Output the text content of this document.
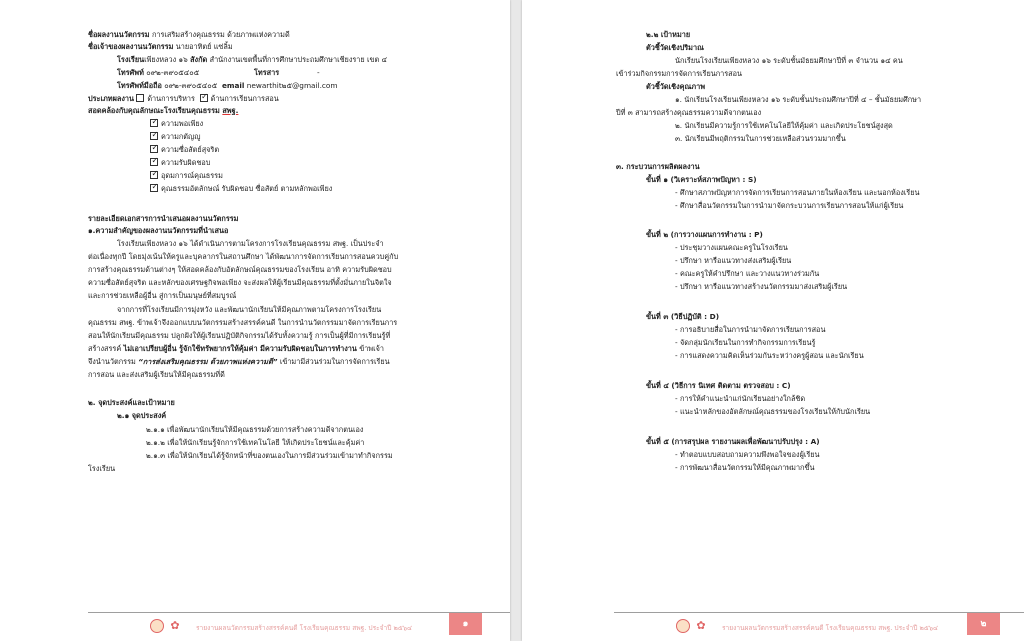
ชื่อผลงานนวัตกรรม การเสริมสร้างคุณธรรม ด้วยภาพแห่งความดี
ชื่อเจ้าของผลงานนวัตกรรม นายอาทิตย์ แซ่ลิ้ม
โรงเรียนเพียงหลวง ๑๖ สังกัด สำนักงานเขตพื้นที่การศึกษาประถมศึกษาเชียงราย เขต ๔
โทรศัพท์ ๐๙๒-๓๙๐๕๔๐๕	โทรสาร	-
โทรศัพท์มือถือ ๐๙๒-๓๙๐๕๔๐๕ email newarthit๒๕@gmail.com
ประเภทผลงาน ด้านการบริหาร  ✓ ด้านการเรียนการสอน
สอดคล้องกับคุณลักษณะโรงเรียนคุณธรรม สพฐ.
✓ความพอเพียง
✓ความกตัญญู
✓ความซื่อสัตย์สุจริต
✓ความรับผิดชอบ
✓อุดมการณ์คุณธรรม
✓คุณธรรมอัตลักษณ์ รับผิดชอบ ซื่อสัตย์ ตามหลักพอเพียง
รายละเอียดเอกสารการนำเสนอผลงานนวัตกรรม
๑.ความสำคัญของผลงานนวัตกรรมที่นำเสนอ
โรงเรียนเพียงหลวง ๑๖ ได้ดำเนินการตามโครงการโรงเรียนคุณธรรม สพฐ. เป็นประจำ
ต่อเนื่องทุกปี โดยมุ่งเน้นให้ครูและบุคลากรในสถานศึกษา ได้พัฒนาการจัดการเรียนการสอนควบคู่กับ
การสร้างคุณธรรมด้านต่างๆ ให้สอดคล้องกับอัตลักษณ์คุณธรรมของโรงเรียน อาทิ ความรับผิดชอบ
ความซื่อสัตย์สุจริต และหลักของเศรษฐกิจพอเพียง จะส่งผลให้ผู้เรียนมีคุณธรรมที่ตั้งมั่นภายในจิตใจ
และการช่วยเหลือผู้อื่น สู่การเป็นมนุษย์ที่สมบูรณ์
จากการที่โรงเรียนมีการมุ่งหวัง และพัฒนานักเรียนให้มีคุณภาพตามโครงการโรงเรียน
คุณธรรม สพฐ. ข้าพเจ้าจึงออกแบบนวัตกรรมสร้างสรรค์คนดี ในการนำนวัตกรรมมาจัดการเรียนการ
สอนให้นักเรียนมีคุณธรรม ปลูกฝังให้ผู้เรียนปฏิบัติกิจกรรมได้รับทั้งความรู้ การเป็นผู้ที่มีการเรียนรู้ที่
สร้างสรรค์ ไม่เอาเปรียบผู้อื่น รู้จักใช้ทรัพยากรให้คุ้มค่า มีความรับผิดชอบในการทำงาน ข้าพเจ้า
จึงนำนวัตกรรม “การส่งเสริมคุณธรรม ด้วยภาพแห่งความดี” เข้ามามีส่วนร่วมในการจัดการเรียน
การสอน และส่งเสริมผู้เรียนให้มีคุณธรรมที่ดี
๒. จุดประสงค์และเป้าหมาย
๒.๑ จุดประสงค์
๒.๑.๑ เพื่อพัฒนานักเรียนให้มีคุณธรรมด้วยการสร้างความดีจากตนเอง
๒.๑.๒ เพื่อให้นักเรียนรู้จักการใช้เทคโนโลยี ให้เกิดประโยชน์และคุ้มค่า
๒.๑.๓ เพื่อให้นักเรียนได้รู้จักหน้าที่ของตนเองในการมีส่วนร่วมเข้ามาทำกิจกรรม
โรงเรียน
✿	รายงานผลนวัตกรรมสร้างสรรค์คนดี โรงเรียนคุณธรรม สพฐ. ประจำปี ๒๕๖๔	๑
๒.๒ เป้าหมาย
ตัวชี้วัดเชิงปริมาณ
นักเรียนโรงเรียนเพียงหลวง ๑๖ ระดับชั้นมัธยมศึกษาปีที่ ๓ จำนวน ๑๔ คน
เข้าร่วมกิจกรรมการจัดการเรียนการสอน
ตัวชี้วัดเชิงคุณภาพ
๑. นักเรียนโรงเรียนเพียงหลวง ๑๖ ระดับชั้นประถมศึกษาปีที่ ๔ – ชั้นมัธยมศึกษา
ปีที่ ๓ สามารถสร้างคุณธรรมความดีจากตนเอง
๒. นักเรียนมีความรู้การใช้เทคโนโลยีให้คุ้มค่า และเกิดประโยชน์สูงสุด
๓. นักเรียนมีพฤติกรรมในการช่วยเหลือส่วนรวมมากขึ้น
๓. กระบวนการผลิตผลงาน
ขั้นที่ ๑ (วิเคราะห์สภาพปัญหา : S)
- ศึกษาสภาพปัญหาการจัดการเรียนการสอนภายในห้องเรียน และนอกห้องเรียน
- ศึกษาสื่อนวัตกรรมในการนำมาจัดกระบวนการเรียนการสอนให้แก่ผู้เรียน
ขั้นที่ ๒ (การวางแผนการทำงาน : P)
- ประชุมวางแผนคณะครูในโรงเรียน
- ปรึกษา หารือแนวทางส่งเสริมผู้เรียน
- คณะครูให้คำปรึกษา และวางแนวทางร่วมกัน
- ปรึกษา หารือแนวทางสร้างนวัตกรรมมาส่งเสริมผู้เรียน
ขั้นที่ ๓ (วิธีปฏิบัติ : D)
- การอธิบายสื่อในการนำมาจัดการเรียนการสอน
- จัดกลุ่มนักเรียนในการทำกิจกรรมการเรียนรู้
- การแสดงความคิดเห็นร่วมกันระหว่างครูผู้สอน และนักเรียน
ขั้นที่ ๔ (วิธีการ นิเทศ ติดตาม ตรวจสอบ : C)
- การให้คำแนะนำแก่นักเรียนอย่างใกล้ชิด
- แนะนำหลักของอัตลักษณ์คุณธรรมของโรงเรียนให้กับนักเรียน
ขั้นที่ ๕ (การสรุปผล รายงานผลเพื่อพัฒนาปรับปรุง : A)
- ทำตอบแบบสอบถามความพึงพอใจของผู้เรียน
- การพัฒนาสื่อนวัตกรรมให้มีคุณภาพมากขึ้น
✿	รายงานผลนวัตกรรมสร้างสรรค์คนดี โรงเรียนคุณธรรม สพฐ. ประจำปี ๒๕๖๔	๒
